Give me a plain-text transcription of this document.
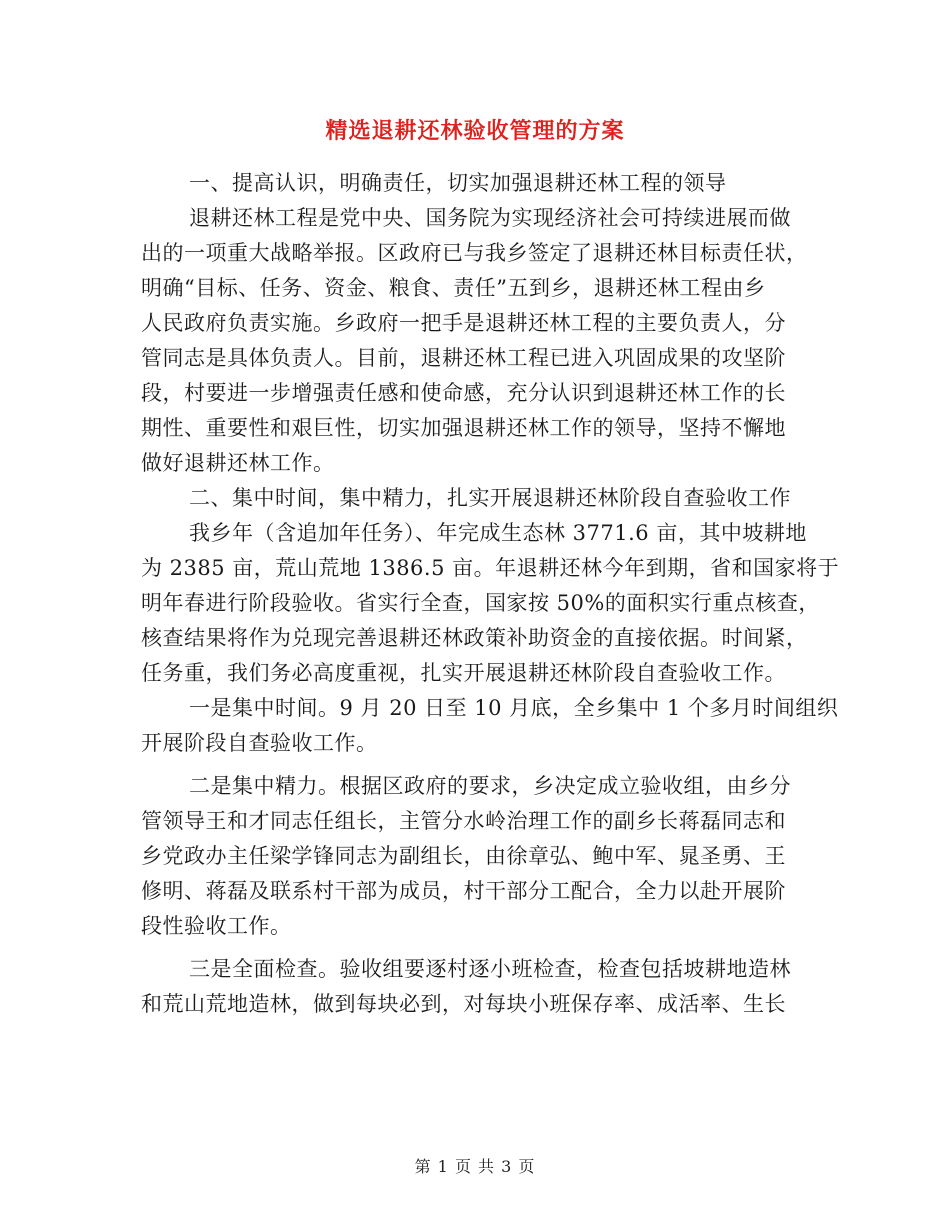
精选退耕还林验收管理的方案
一、提高认识，明确责任，切实加强退耕还林工程的领导
退耕还林工程是党中央、国务院为实现经济社会可持续进展而做
出的一项重大战略举报。区政府已与我乡签定了退耕还林目标责任状，
明确“目标、任务、资金、粮食、责任”五到乡，退耕还林工程由乡
人民政府负责实施。乡政府一把手是退耕还林工程的主要负责人，分
管同志是具体负责人。目前，退耕还林工程已进入巩固成果的攻坚阶
段，村要进一步增强责任感和使命感，充分认识到退耕还林工作的长
期性、重要性和艰巨性，切实加强退耕还林工作的领导，坚持不懈地
做好退耕还林工作。
二、集中时间，集中精力，扎实开展退耕还林阶段自查验收工作
我乡年（含追加年任务）、年完成生态林 3771.6 亩，其中坡耕地
为 2385 亩，荒山荒地 1386.5 亩。年退耕还林今年到期，省和国家将于
明年春进行阶段验收。省实行全查，国家按 50%的面积实行重点核查，
核查结果将作为兑现完善退耕还林政策补助资金的直接依据。时间紧，
任务重，我们务必高度重视，扎实开展退耕还林阶段自查验收工作。
一是集中时间。9 月 20 日至 10 月底，全乡集中 1 个多月时间组织
开展阶段自查验收工作。
二是集中精力。根据区政府的要求，乡决定成立验收组，由乡分
管领导王和才同志任组长，主管分水岭治理工作的副乡长蒋磊同志和
乡党政办主任梁学锋同志为副组长，由徐章弘、鲍中军、晁圣勇、王
修明、蒋磊及联系村干部为成员，村干部分工配合，全力以赴开展阶
段性验收工作。
三是全面检查。验收组要逐村逐小班检查，检查包括坡耕地造林
和荒山荒地造林，做到每块必到，对每块小班保存率、成活率、生长
第 1 页 共 3 页
